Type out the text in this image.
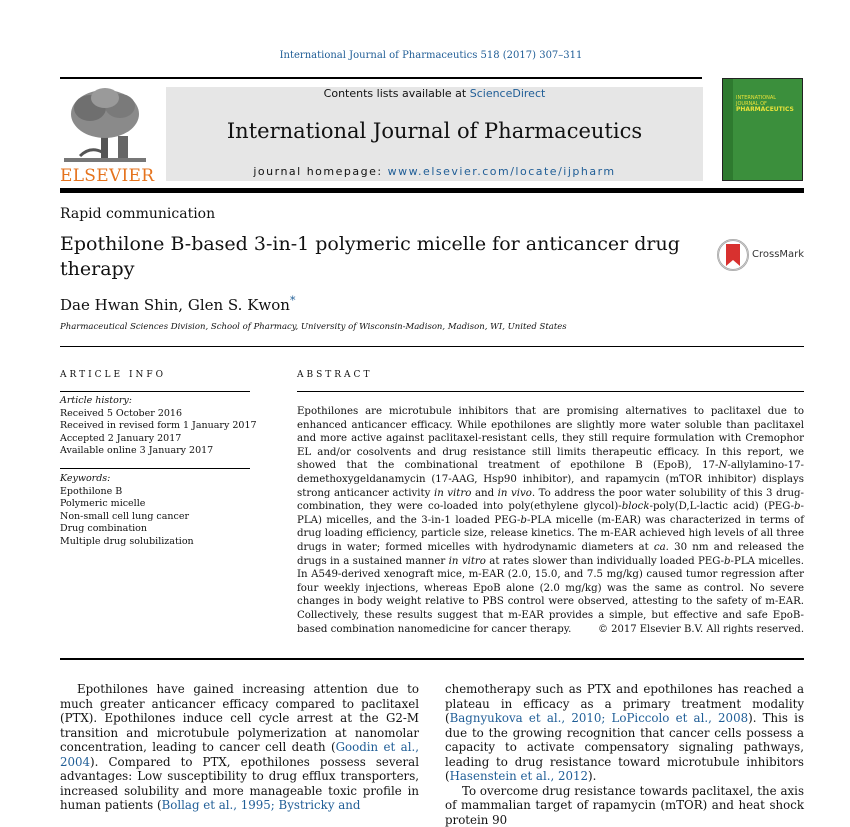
International Journal of Pharmaceutics 518 (2017) 307–311
ELSEVIER
Contents lists available at ScienceDirect
International Journal of Pharmaceutics
journal homepage: www.elsevier.com/locate/ijpharm
INTERNATIONAL JOURNAL OF
PHARMACEUTICS
Rapid communication
Epothilone B-based 3-in-1 polymeric micelle for anticancer drug therapy
CrossMark
Dae Hwan Shin, Glen S. Kwon*
Pharmaceutical Sciences Division, School of Pharmacy, University of Wisconsin-Madison, Madison, WI, United States
ARTICLE INFO	ABSTRACT
Article history:
Received 5 October 2016
Received in revised form 1 January 2017
Accepted 2 January 2017
Available online 3 January 2017
Keywords:
Epothilone B
Polymeric micelle
Non-small cell lung cancer
Drug combination
Multiple drug solubilization
Epothilones are microtubule inhibitors that are promising alternatives to paclitaxel due to enhanced anticancer efficacy. While epothilones are slightly more water soluble than paclitaxel and more active against paclitaxel-resistant cells, they still require formulation with Cremophor EL and/or cosolvents and drug resistance still limits therapeutic efficacy. In this report, we showed that the combinational treatment of epothilone B (EpoB), 17-N-allylamino-17-demethoxygeldanamycin (17-AAG, Hsp90 inhibitor), and rapamycin (mTOR inhibitor) displays strong anticancer activity in vitro and in vivo. To address the poor water solubility of this 3 drug-combination, they were co-loaded into poly(ethylene glycol)-block-poly(D,L-lactic acid) (PEG-b-PLA) micelles, and the 3-in-1 loaded PEG-b-PLA micelle (m-EAR) was characterized in terms of drug loading efficiency, particle size, release kinetics. The m-EAR achieved high levels of all three drugs in water; formed micelles with hydrodynamic diameters at ca. 30 nm and released the drugs in a sustained manner in vitro at rates slower than individually loaded PEG-b-PLA micelles. In A549-derived xenograft mice, m-EAR (2.0, 15.0, and 7.5 mg/kg) caused tumor regression after four weekly injections, whereas EpoB alone (2.0 mg/kg) was the same as control. No severe changes in body weight relative to PBS control were observed, attesting to the safety of m-EAR. Collectively, these results suggest that m-EAR provides a simple, but effective and safe EpoB-based combination nanomedicine for cancer therapy.	© 2017 Elsevier B.V. All rights reserved.

Epothilones have gained increasing attention due to much greater anticancer efficacy compared to paclitaxel (PTX). Epothilones induce cell cycle arrest at the G2-M transition and microtubule polymerization at nanomolar concentration, leading to cancer cell death (Goodin et al., 2004). Compared to PTX, epothilones possess several advantages: Low susceptibility to drug efflux transporters, increased solubility and more manageable toxic profile in human patients (Bollag et al., 1995; Bystricky and

chemotherapy such as PTX and epothilones has reached a plateau in efficacy as a primary treatment modality (Bagnyukova et al., 2010; LoPiccolo et al., 2008). This is due to the growing recognition that cancer cells possess a capacity to activate compensatory signaling pathways, leading to drug resistance toward microtubule inhibitors (Hasenstein et al., 2012).

To overcome drug resistance towards paclitaxel, the axis of mammalian target of rapamycin (mTOR) and heat shock protein 90
